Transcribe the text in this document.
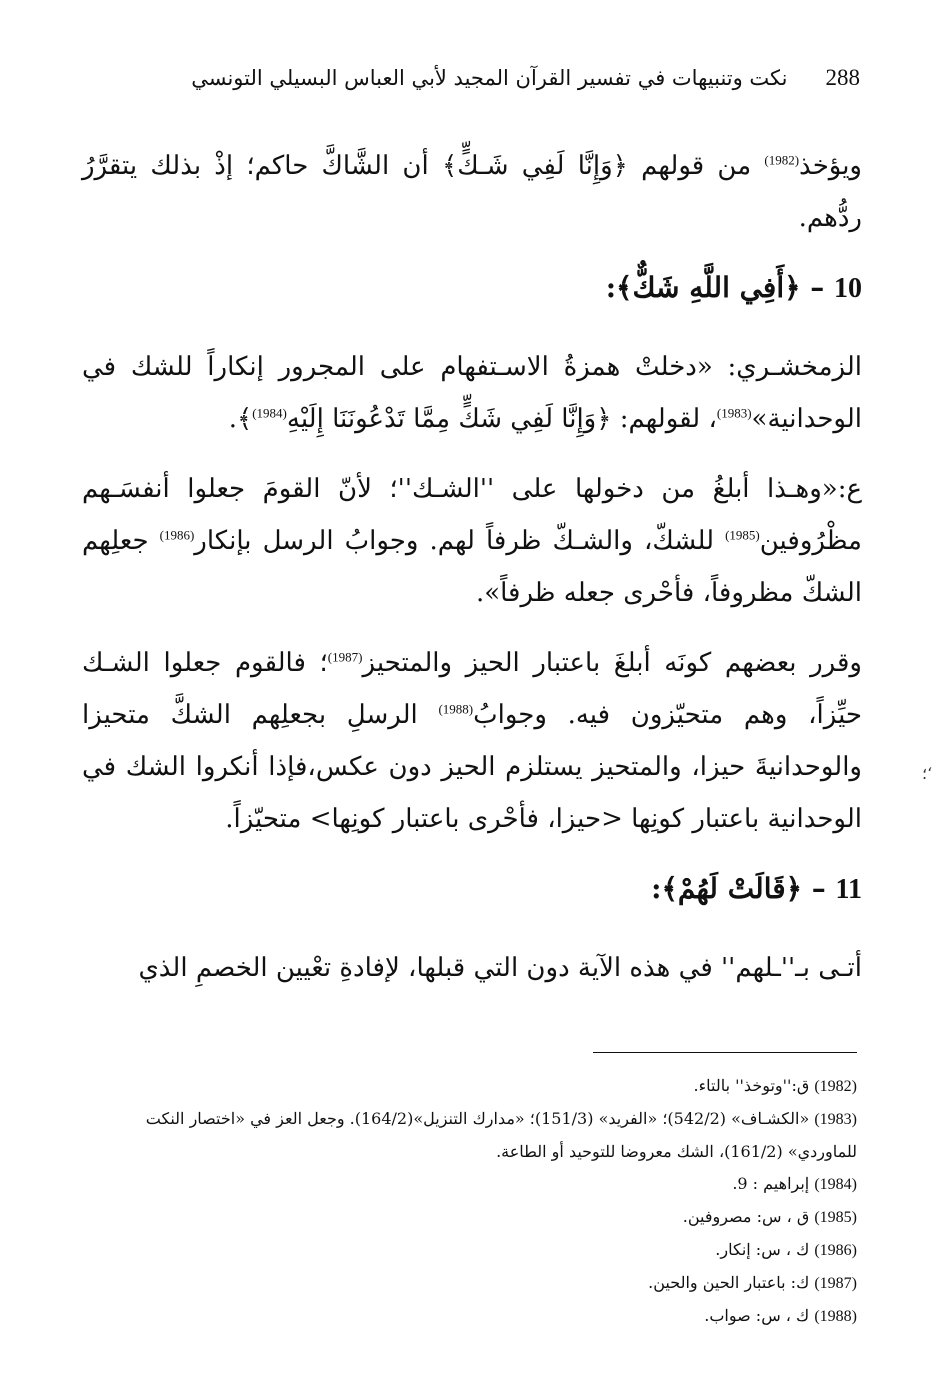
288
نكت وتنبيهات في تفسير القرآن المجيد لأبي العباس البسيلي التونسي

ويؤخذ$^{(1982)}$ من قولهم ﴿وَإِنَّا لَفِي شَـكٍّ﴾ أن الشَّاكَّ حاكم؛ إذْ بذلك يتقرَّرُ ردُّهم.

10 – ﴿أَفِي اللَّهِ شَكٌّ﴾:

الزمخشـري: «دخلتْ همزةُ الاسـتفهام على المجرور إنكاراً للشك في الوحدانية»$^{(1983)}$، لقولهم: ﴿وَإِنَّا لَفِي شَكٍّ مِمَّا تَدْعُونَنَا إِلَيْهِ$^{(1984)}$﴾.

ع:«وهـذا أبلغُ من دخولها على ''الشـك''؛ لأنّ القومَ جعلوا أنفسَـهم مظْرُوفين$^{(1985)}$ للشكّ، والشـكّ ظرفاً لهم. وجوابُ الرسل بإنكار$^{(1986)}$ جعلِهم الشكّ مظروفاً، فأحْرى جعله ظرفاً».

وقرر بعضهم كونَه أبلغَ باعتبار الحيز والمتحيز$^{(1987)}$؛ فالقوم جعلوا الشـك حيِّزاً، وهم متحيّزون فيه. وجوابُ$^{(1988)}$ الرسلِ بجعلِهم الشكَّ متحيزا والوحدانيةَ حيزا، والمتحيز يستلزم الحيز دون عكس،فإذا أنكروا الشك في الوحدانية باعتبار كونِها <حيزا، فأحْرى باعتبار كونِها> متحيّزاً.

11 – ﴿قَالَتْ لَهُمْ﴾:

أتـى بـ''ـلهم'' في هذه الآية دون التي قبلها، لإفادةِ تعْيين الخصمِ الذي

‘؛

(1982) ق:''وتوخذ'' بالتاء.

(1983) «الكشـاف» (542/2)؛ «الفريد» (151/3)؛ «مدارك التنزيل»(164/2). وجعل العز في «اختصار النكت للماوردي» (161/2)، الشك معروضا للتوحيد أو الطاعة.

(1984) إبراهيم : 9.

(1985) ق ، س: مصروفين.

(1986) ك ، س: إنكار.

(1987) ك: باعتبار الحين والحين.

(1988) ك ، س: صواب.
